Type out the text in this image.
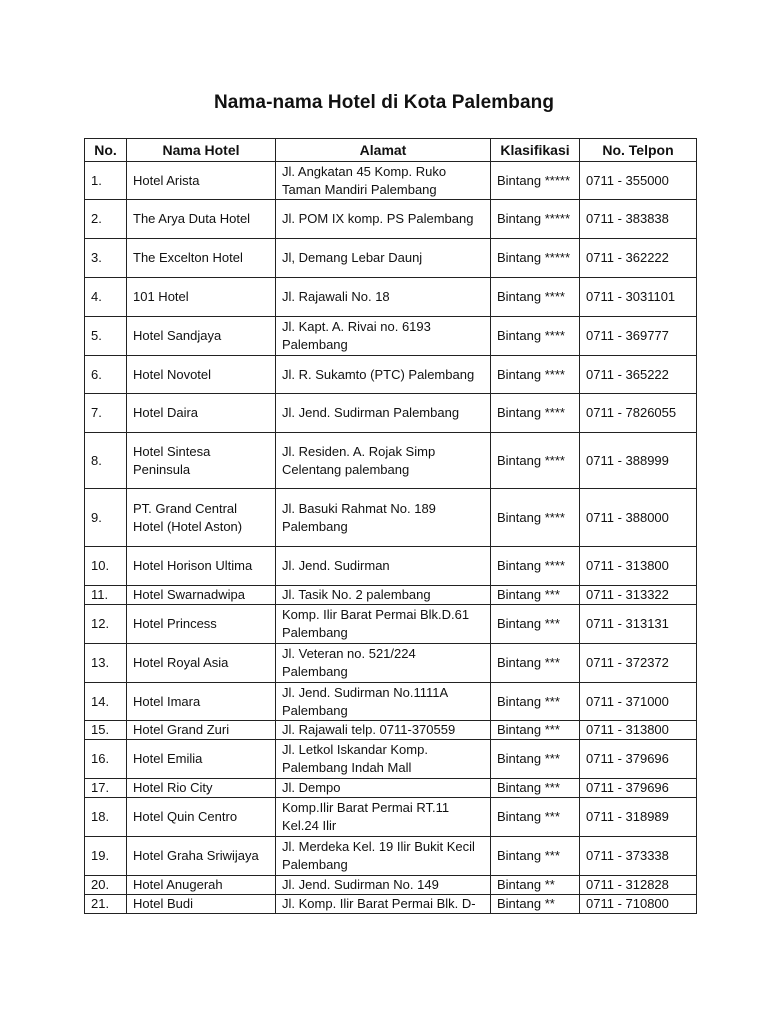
Nama-nama Hotel di Kota Palembang
No.	Nama Hotel	Alamat	Klasifikasi	No. Telpon
1.	Hotel Arista	Jl. Angkatan 45 Komp. Ruko Taman Mandiri Palembang	Bintang *****	0711 - 355000
2.	The Arya Duta Hotel	Jl. POM IX komp. PS Palembang	Bintang *****	0711 - 383838
3.	The Excelton Hotel	Jl, Demang Lebar Daunj	Bintang *****	0711 - 362222
4.	101 Hotel	Jl. Rajawali No. 18	Bintang ****	0711 - 3031101
5.	Hotel Sandjaya	Jl. Kapt. A. Rivai no. 6193 Palembang	Bintang ****	0711 - 369777
6.	Hotel Novotel	Jl. R. Sukamto (PTC) Palembang	Bintang ****	0711 - 365222
7.	Hotel Daira	Jl. Jend. Sudirman Palembang	Bintang ****	0711 - 7826055
8.	Hotel Sintesa Peninsula	Jl. Residen. A. Rojak Simp Celentang palembang	Bintang ****	0711 - 388999
9.	PT. Grand Central Hotel (Hotel Aston)	Jl. Basuki Rahmat No. 189 Palembang	Bintang ****	0711 - 388000
10.	Hotel Horison Ultima	Jl. Jend. Sudirman	Bintang ****	0711 - 313800
11.	Hotel Swarnadwipa	Jl. Tasik No. 2 palembang	Bintang ***	0711 - 313322
12.	Hotel Princess	Komp. Ilir Barat Permai Blk.D.61 Palembang	Bintang ***	0711 - 313131
13.	Hotel Royal Asia	Jl. Veteran no. 521/224 Palembang	Bintang ***	0711 - 372372
14.	Hotel Imara	Jl. Jend. Sudirman No.1111A Palembang	Bintang ***	0711 - 371000
15.	Hotel Grand Zuri	Jl. Rajawali telp. 0711-370559	Bintang ***	0711 - 313800
16.	Hotel Emilia	Jl. Letkol Iskandar Komp. Palembang Indah Mall	Bintang ***	0711 - 379696
17.	Hotel Rio City	Jl. Dempo	Bintang ***	0711 - 379696
18.	Hotel Quin Centro	Komp.Ilir Barat Permai RT.11 Kel.24 Ilir	Bintang ***	0711 - 318989
19.	Hotel Graha Sriwijaya	Jl. Merdeka Kel. 19 Ilir Bukit Kecil Palembang	Bintang ***	0711 - 373338
20.	Hotel Anugerah	Jl. Jend. Sudirman No. 149	Bintang **	0711 - 312828
21.	Hotel Budi	Jl. Komp. Ilir Barat Permai Blk. D-	Bintang **	0711 - 710800
